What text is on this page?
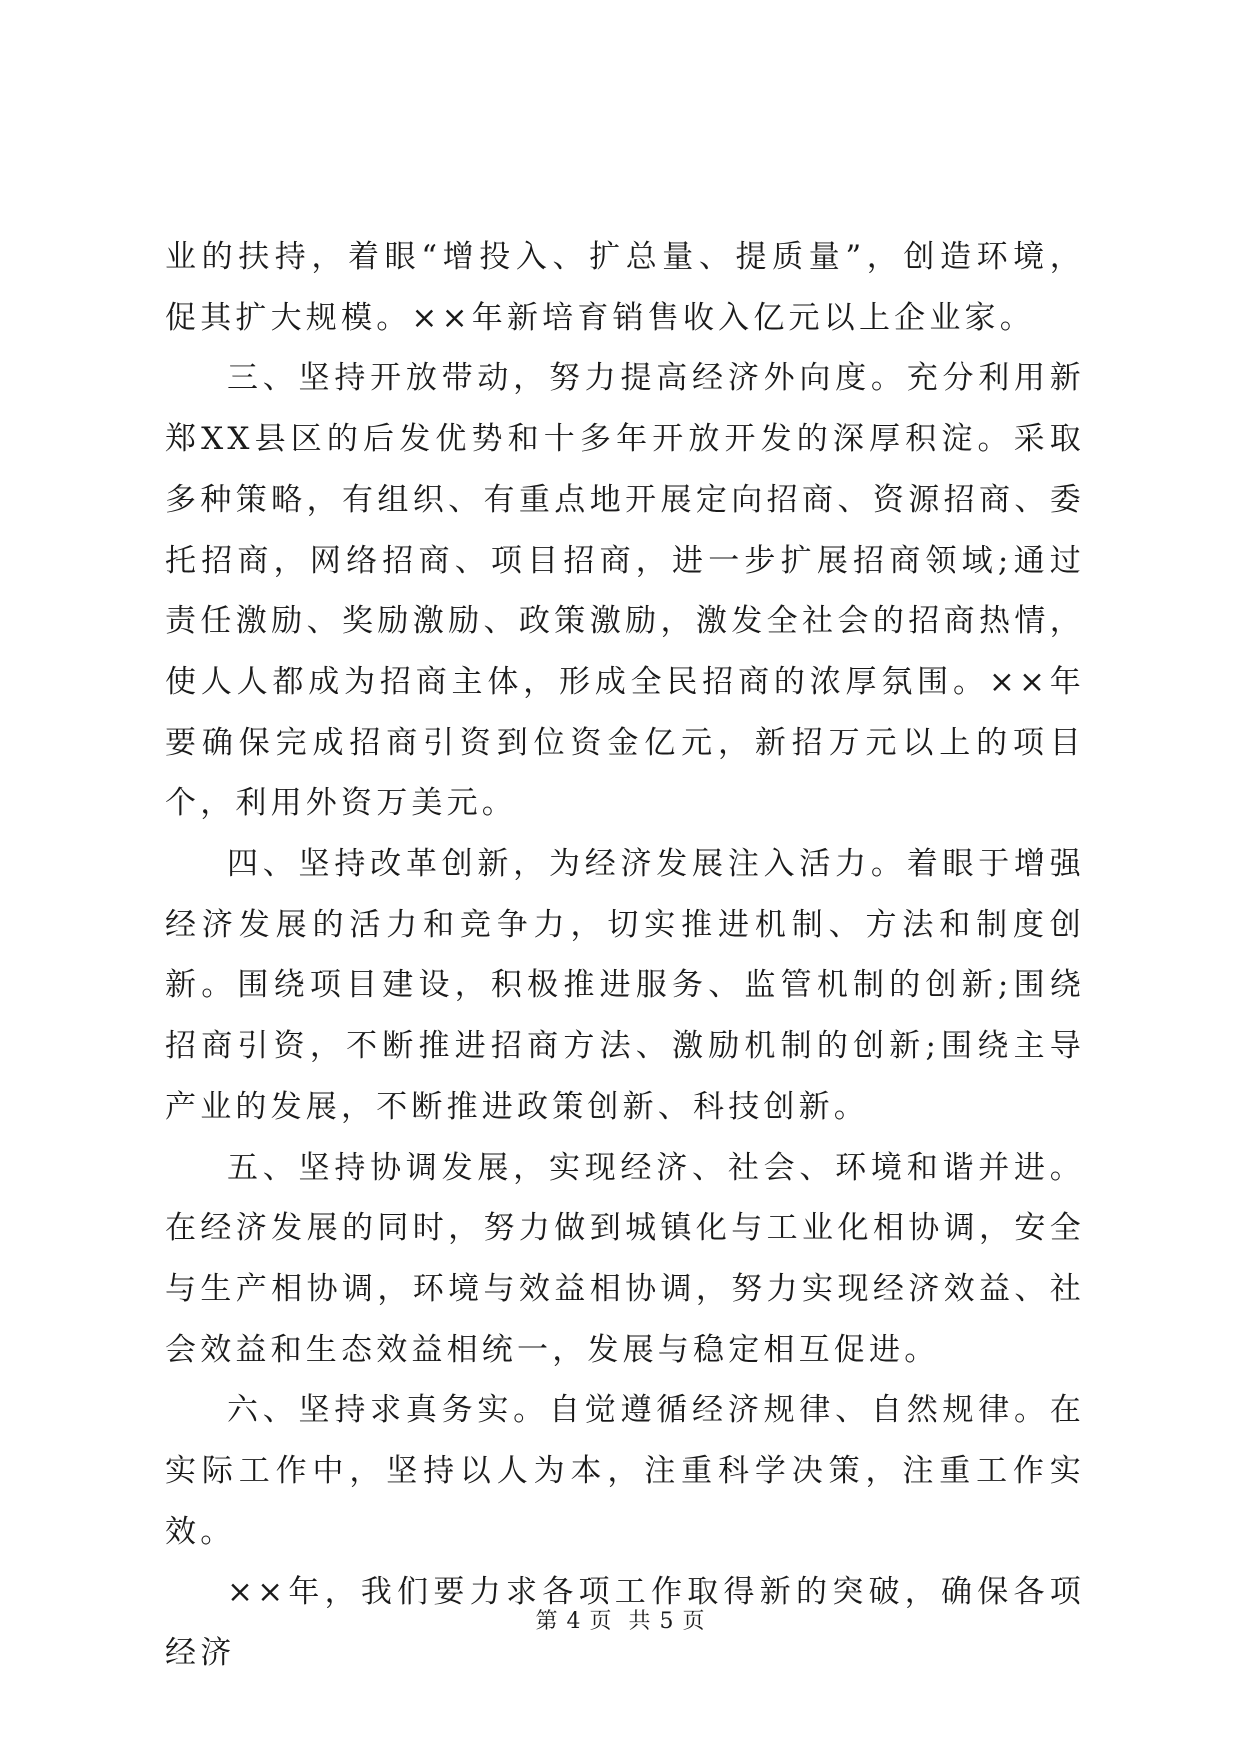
业的扶持，着眼“增投入、扩总量、提质量”，创造环境，促其扩大规模。××年新培育销售收入亿元以上企业家。

三、坚持开放带动，努力提高经济外向度。充分利用新郑XX县区的后发优势和十多年开放开发的深厚积淀。采取多种策略，有组织、有重点地开展定向招商、资源招商、委托招商，网络招商、项目招商，进一步扩展招商领域;通过责任激励、奖励激励、政策激励，激发全社会的招商热情，使人人都成为招商主体，形成全民招商的浓厚氛围。××年要确保完成招商引资到位资金亿元，新招万元以上的项目个，利用外资万美元。

四、坚持改革创新，为经济发展注入活力。着眼于增强经济发展的活力和竞争力，切实推进机制、方法和制度创新。围绕项目建设，积极推进服务、监管机制的创新;围绕招商引资，不断推进招商方法、激励机制的创新;围绕主导产业的发展，不断推进政策创新、科技创新。

五、坚持协调发展，实现经济、社会、环境和谐并进。在经济发展的同时，努力做到城镇化与工业化相协调，安全与生产相协调，环境与效益相协调，努力实现经济效益、社会效益和生态效益相统一，发展与稳定相互促进。

六、坚持求真务实。自觉遵循经济规律、自然规律。在实际工作中，坚持以人为本，注重科学决策，注重工作实效。

××年，我们要力求各项工作取得新的突破，确保各项经济

第 4 页  共 5 页
